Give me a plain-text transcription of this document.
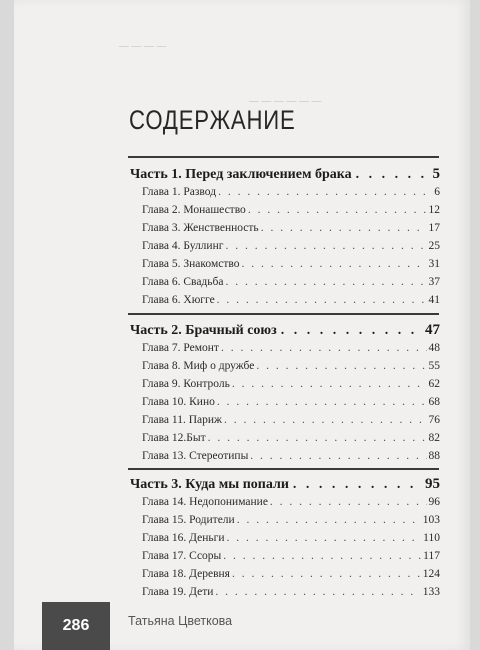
— — — —
— — — — — —
СОДЕРЖАНИЕ
Часть 1. Перед заключением брака . . .	5
Глава 1. Развод . . .	6
Глава 2. Монашество . . .	12
Глава 3. Женственность . . .	17
Глава 4. Буллинг . . .	25
Глава 5. Знакомство . . .	31
Глава 6. Свадьба . . .	37
Глава 6. Хюгге . . .	41
Часть 2. Брачный союз . . .	47
Глава 7. Ремонт . . .	48
Глава 8. Миф о дружбе . . .	55
Глава 9. Контроль . . .	62
Глава 10. Кино . . .	68
Глава 11. Париж . . .	76
Глава 12.Быт . . .	82
Глава 13. Стереотипы . . .	88
Часть 3. Куда мы попали . . .	95
Глава 14. Недопонимание . . .	96
Глава 15. Родители . . .	103
Глава 16. Деньги . . .	110
Глава 17. Ссоры . . .	117
Глава 18. Деревня . . .	124
Глава 19. Дети . . .	133
286	Татьяна Цветкова
